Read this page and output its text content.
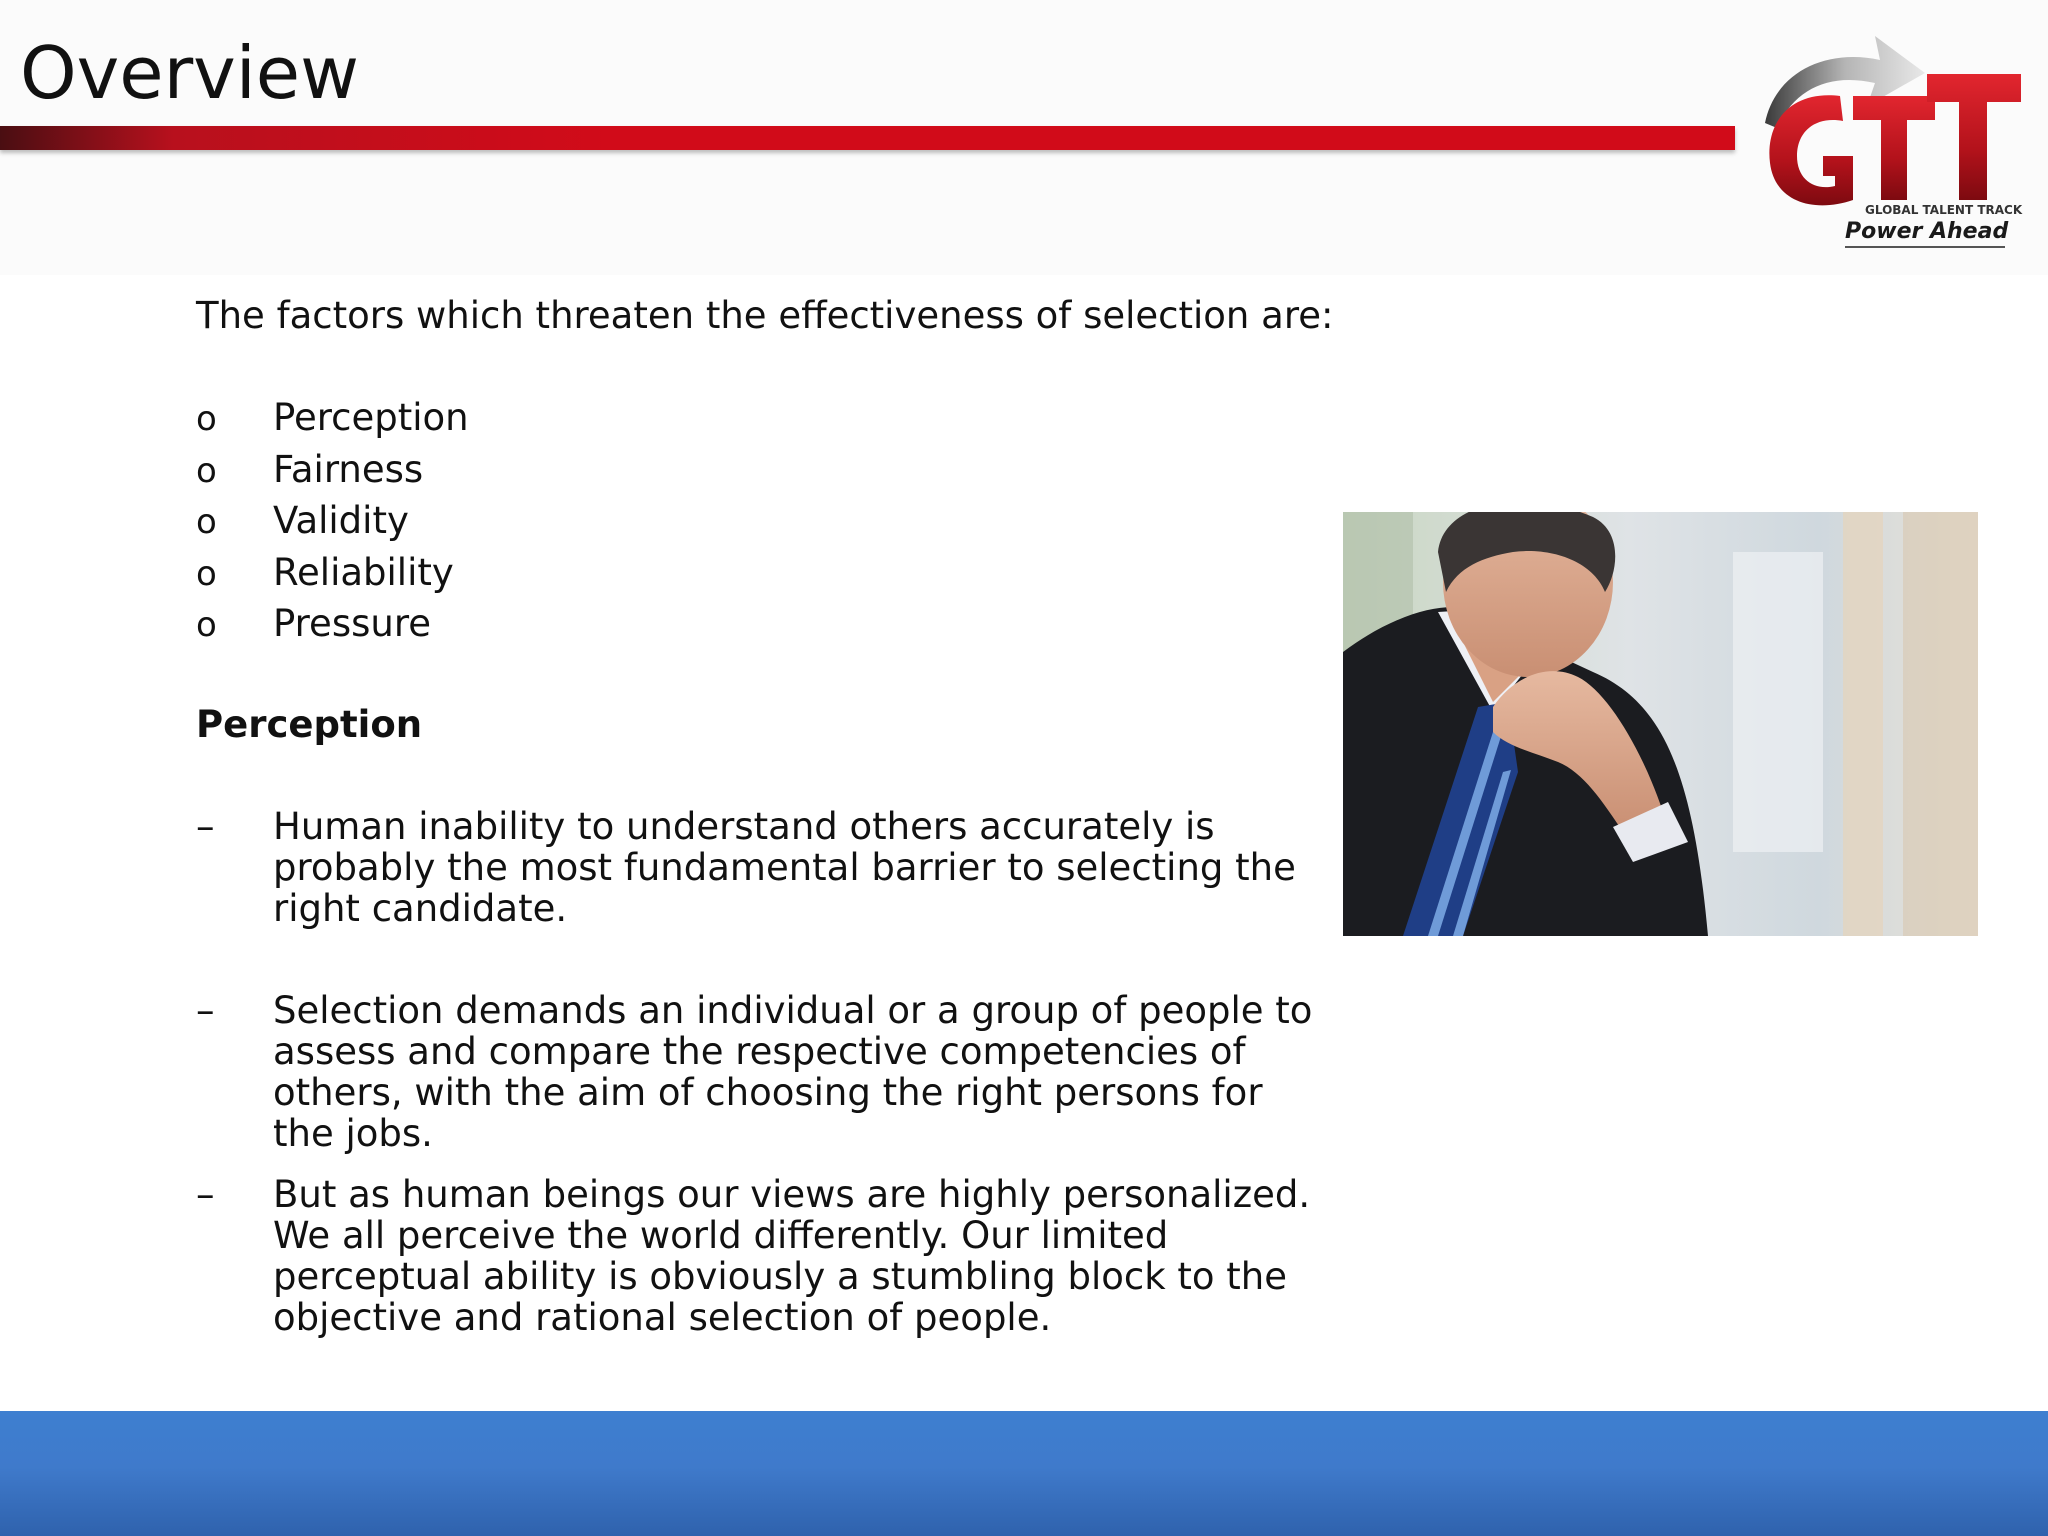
Overview
GLOBAL TALENT TRACK
Power Ahead
The factors which threaten the effectiveness of selection are:
o Perception
o Fairness
o Validity
o Reliability
o Pressure
Perception
–	Human inability to understand others accurately is probably the most fundamental barrier to selecting the right candidate.
–	Selection demands an individual or a group of people to assess and compare the respective competencies of others, with the aim of choosing the right persons for the jobs.
–	But as human beings our views are highly personalized. We all perceive the world differently. Our limited perceptual ability is obviously a stumbling block to the objective and rational selection of people.
